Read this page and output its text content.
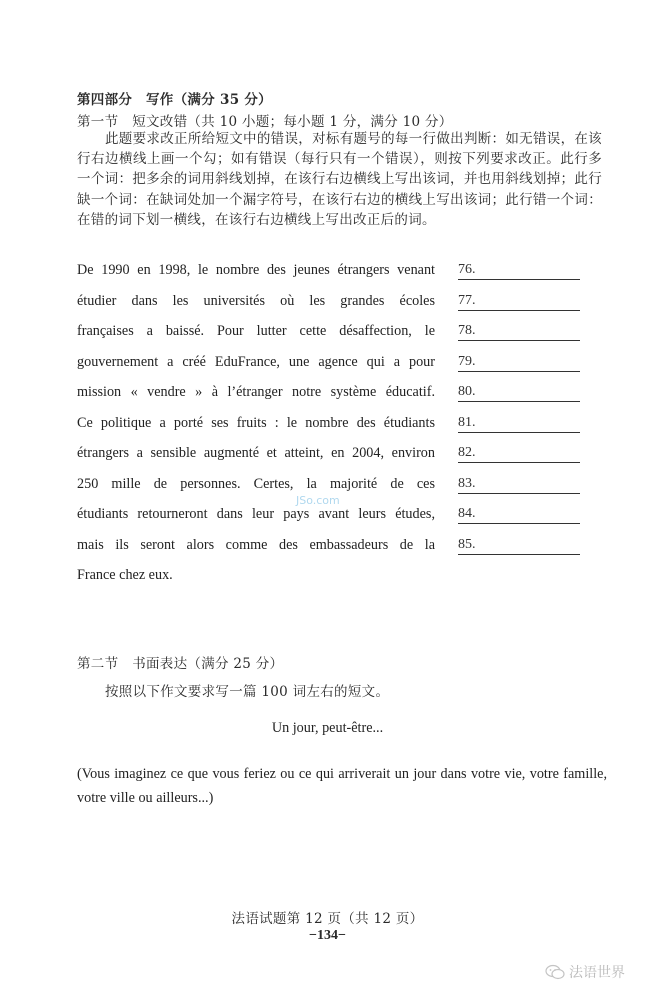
第四部分　写作（满分 35 分）
第一节　短文改错（共 10 小题；每小题 1 分，满分 10 分）
此题要求改正所给短文中的错误，对标有题号的每一行做出判断：如无错误，在该行右边横线上画一个勾；如有错误（每行只有一个错误），则按下列要求改正。此行多一个词：把多余的词用斜线划掉，在该行右边横线上写出该词，并也用斜线划掉；此行缺一个词：在缺词处加一个漏字符号，在该行右边的横线上写出该词；此行错一个词：在错的词下划一横线，在该行右边横线上写出改正后的词。
De 1990 en 1998, le nombre des jeunes étrangers venant 76.
étudier dans les universités où les grandes écoles 77.
françaises a baissé. Pour lutter cette désaffection, le 78.
gouvernement a créé EduFrance, une agence qui a pour 79.
mission « vendre » à l’étranger notre système éducatif. 80.
Ce politique a porté ses fruits : le nombre des étudiants 81.
étrangers a sensible augmenté et atteint, en 2004, environ 82.
250 mille de personnes. Certes, la majorité de ces 83.
étudiants retourneront dans leur pays avant leurs études, 84.
mais ils seront alors comme des embassadeurs de la 85.
France chez eux.
JSo.com
第二节　书面表达（满分 25 分）
按照以下作文要求写一篇 100 词左右的短文。
Un jour, peut-être...
(Vous imaginez ce que vous feriez ou ce qui arriverait un jour dans votre vie, votre famille, votre ville ou ailleurs...)
法语试题第 12 页（共 12 页）
−134−
法语世界
